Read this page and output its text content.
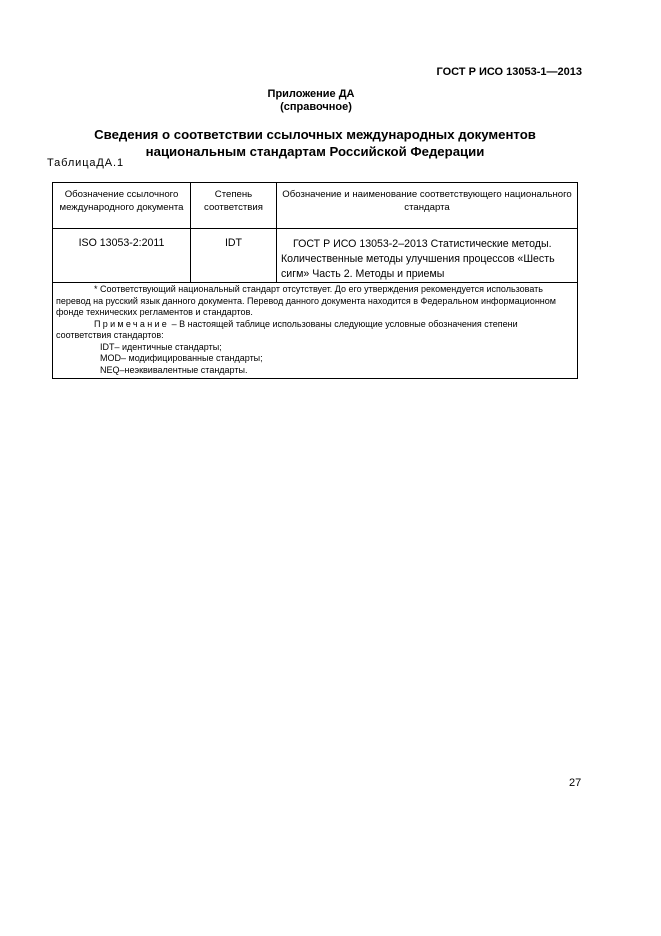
ГОСТ Р ИСО 13053-1—2013
Приложение ДА
(справочное)
Сведения о соответствии ссылочных международных документов
национальным стандартам Российской Федерации
ТаблицаДА.1
Обозначение ссылочного международного документа	Степень соответствия	Обозначение и наименование соответствующего национального стандарта
ISO 13053-2:2011	IDT	ГОСТ Р ИСО 13053-2–2013 Статистические методы. Количественные методы улучшения процессов «Шесть сигм» Часть 2. Методы и приемы

* Соответствующий национальный стандарт отсутствует. До его утверждения рекомендуется использовать перевод на русский язык данного документа. Перевод данного документа находится в Федеральном информационном фонде технических регламентов и стандартов.
Примечание – В настоящей таблице использованы следующие условные обозначения степени соответствия стандартов:
IDT– идентичные стандарты;
MOD– модифицированные стандарты;
NEQ–неэквивалентные стандарты.		
27
